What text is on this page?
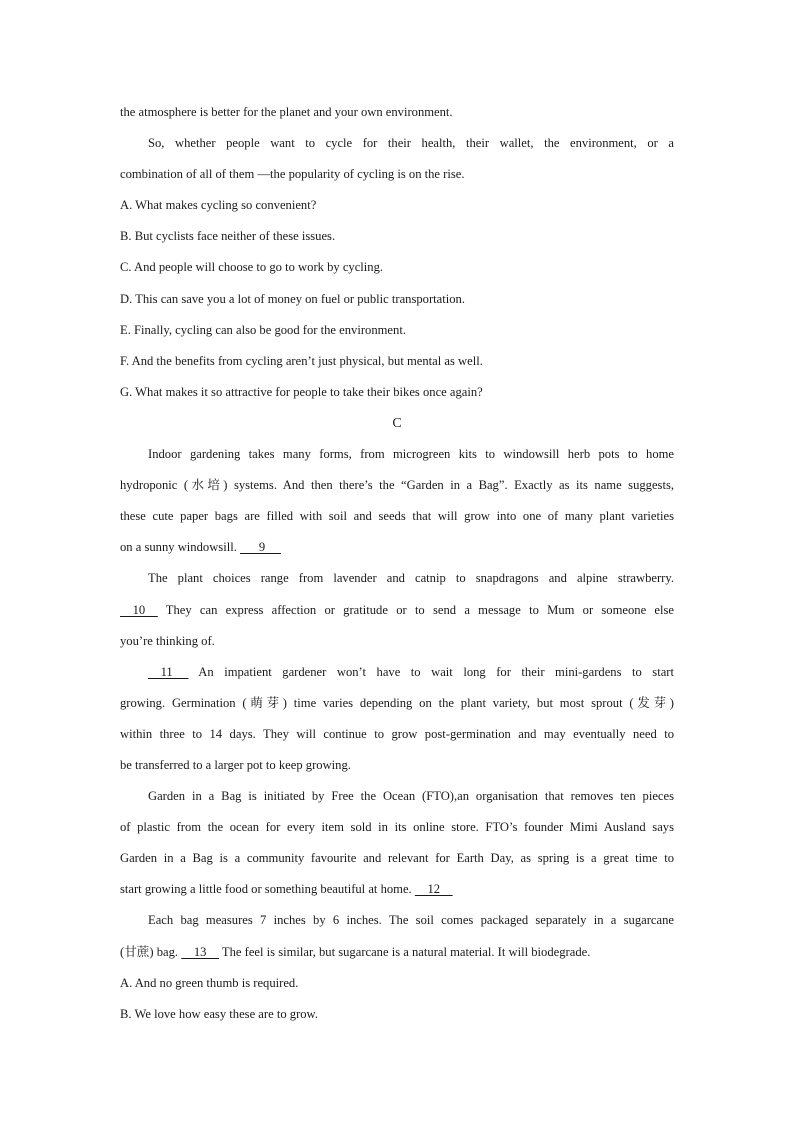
the atmosphere is better for the planet and your own environment.
So, whether people want to cycle for their health, their wallet, the environment, or a
combination of all of them —the popularity of cycling is on the rise.
A. What makes cycling so convenient?
B. But cyclists face neither of these issues.
C. And people will choose to go to work by cycling.
D. This can save you a lot of money on fuel or public transportation.
E. Finally, cycling can also be good for the environment.
F. And the benefits from cycling aren’t just physical, but mental as well.
G. What makes it so attractive for people to take their bikes once again?
C
Indoor gardening takes many forms, from microgreen kits to windowsill herb pots to home
hydroponic (水培) systems. And then there’s the “Garden in a Bag”. Exactly as its name suggests,
these cute paper bags are filled with soil and seeds that will grow into one of many plant varieties
on a sunny windowsill.       9
The plant choices range from lavender and catnip to snapdragons and alpine strawberry.
10     They can express affection or gratitude or to send a message to Mum or someone else
you’re thinking of.
11      An impatient gardener won’t have to wait long for their mini-gardens to start
growing. Germination (萌芽) time varies depending on the plant variety, but most sprout (发芽)
within three to 14 days. They will continue to grow post-germination and may eventually need to
be transferred to a larger pot to keep growing.
Garden in a Bag is initiated by Free the Ocean (FTO),an organisation that removes ten pieces
of plastic from the ocean for every item sold in its online store. FTO’s founder Mimi Ausland says
Garden in a Bag is a community favourite and relevant for Earth Day, as spring is a great time to
start growing a little food or something beautiful at home.     12
Each bag measures 7 inches by 6 inches. The soil comes packaged separately in a sugarcane
(甘蔗) bag.     13     The feel is similar, but sugarcane is a natural material. It will biodegrade.
A. And no green thumb is required.
B. We love how easy these are to grow.
